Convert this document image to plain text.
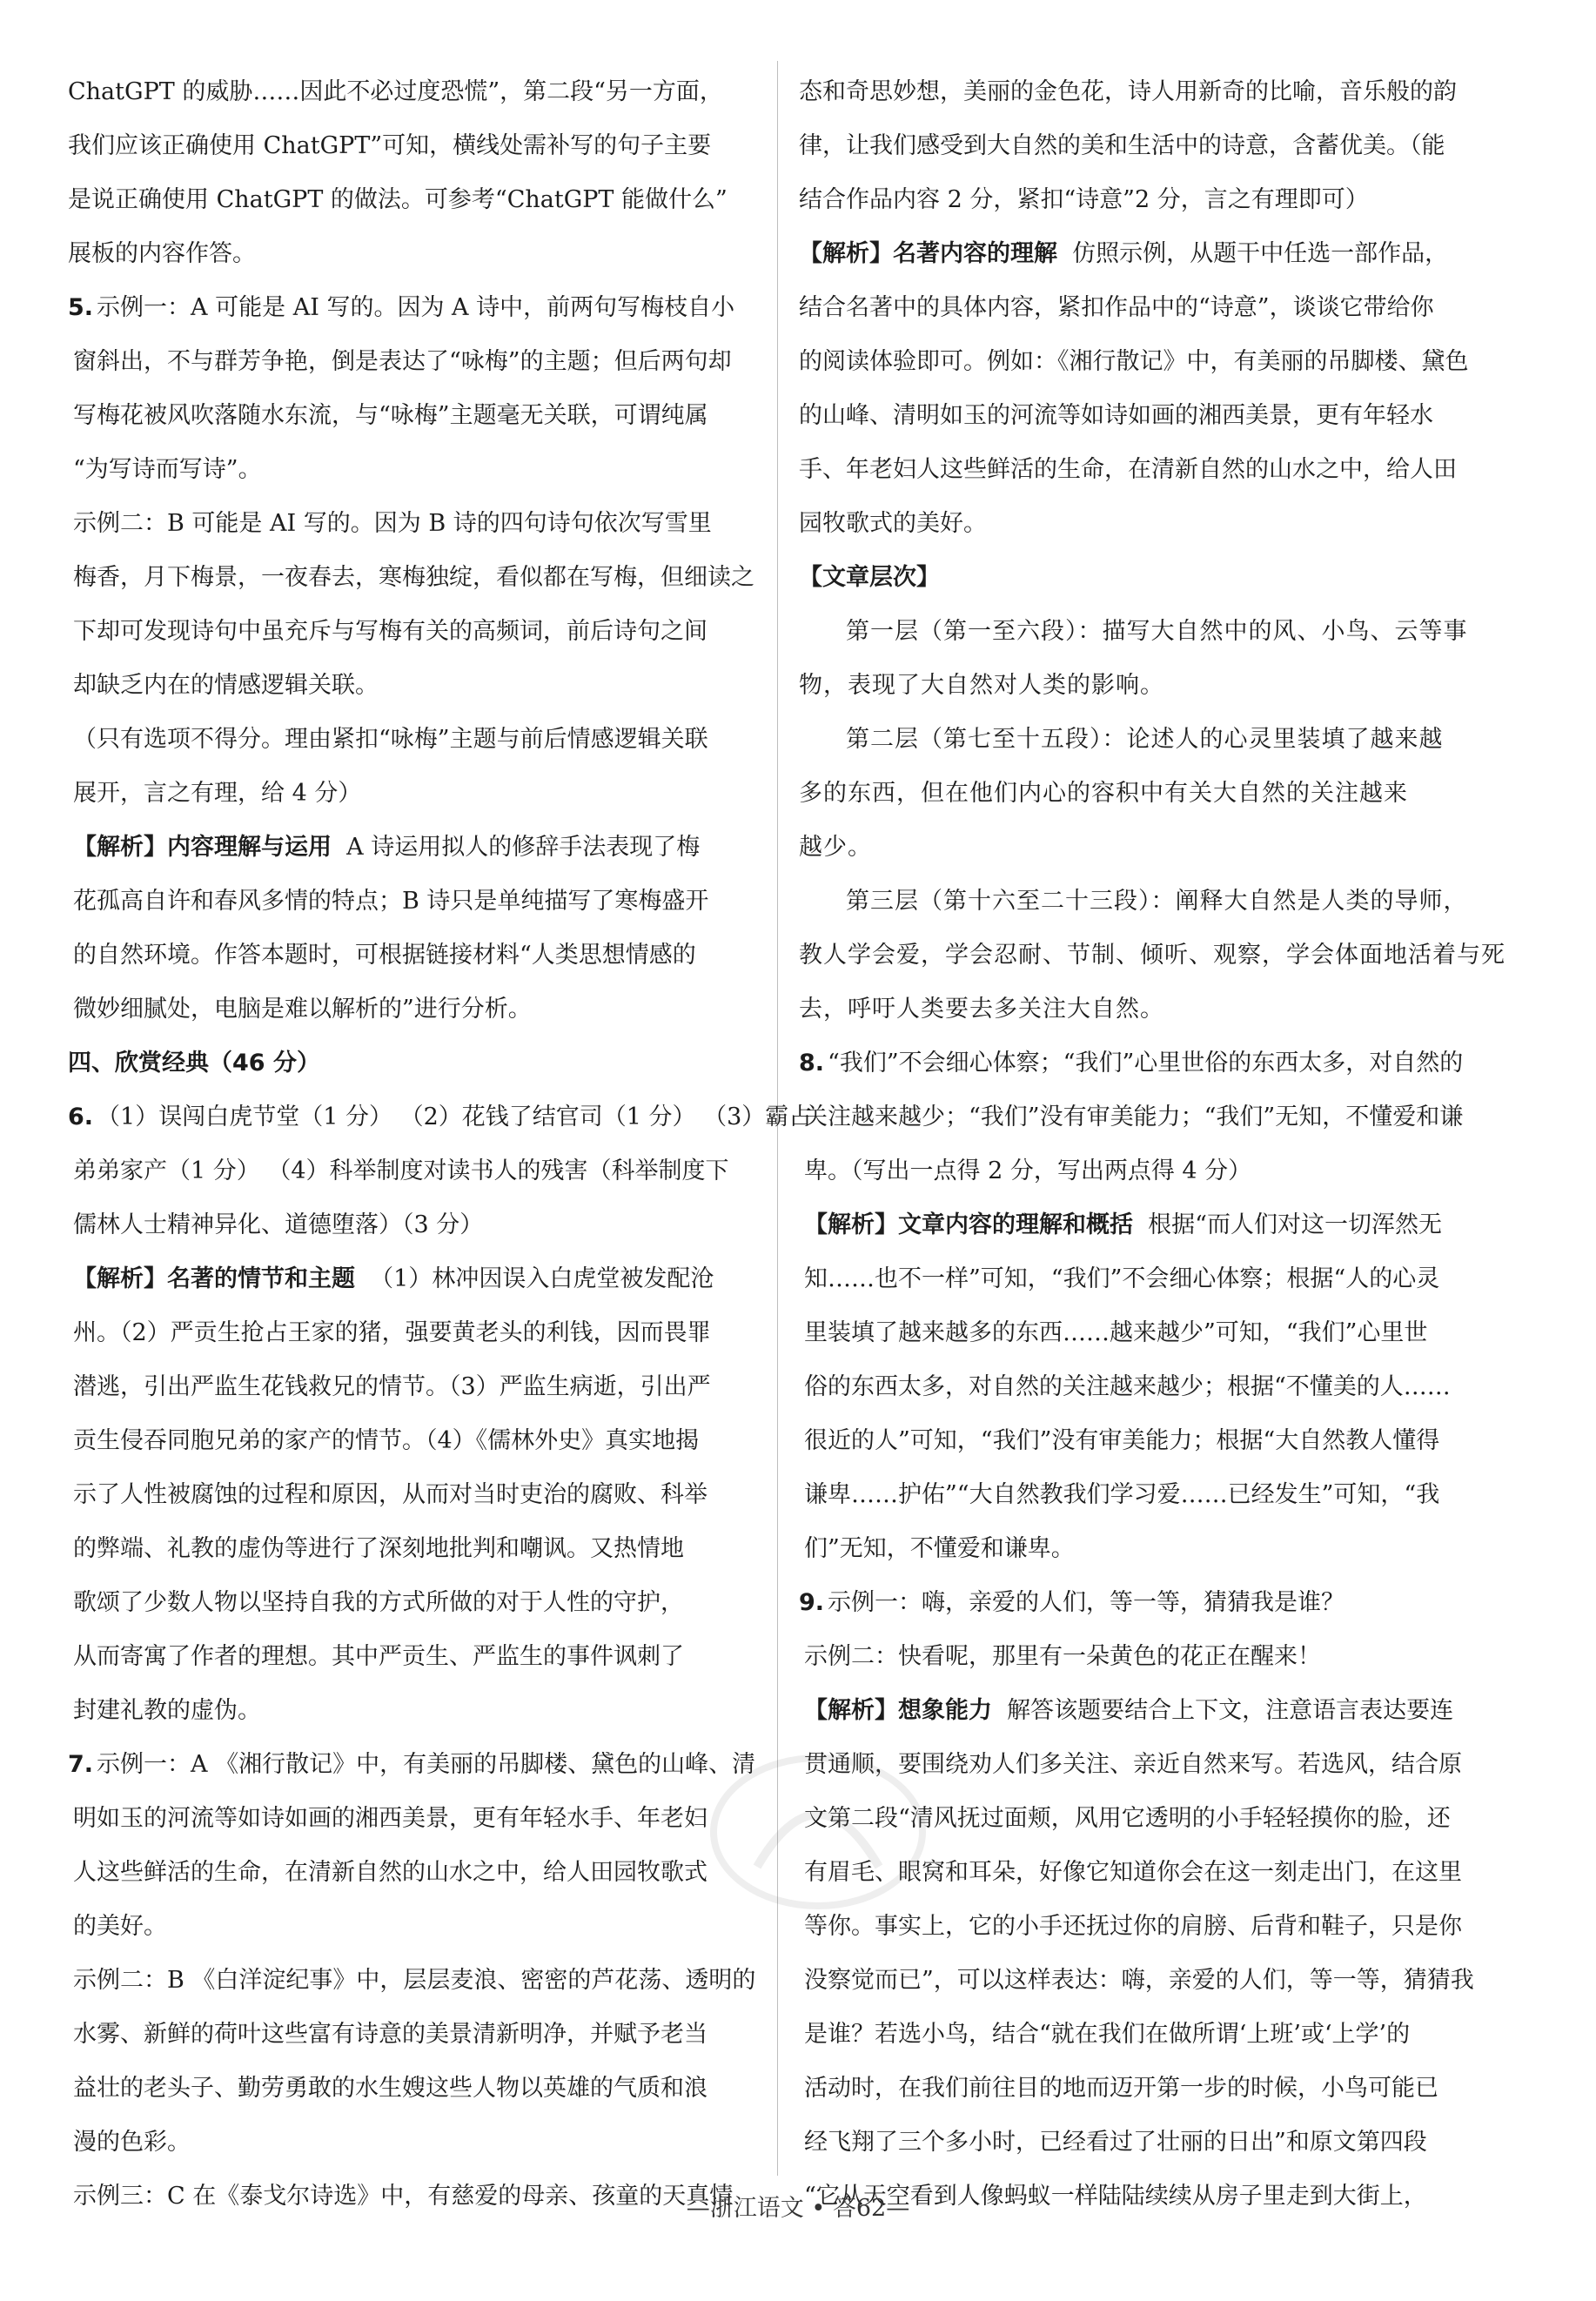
ChatGPT 的威胁……因此不必过度恐慌”，第二段“另一方面，
我们应该正确使用 ChatGPT”可知，横线处需补写的句子主要
是说正确使用 ChatGPT 的做法。可参考“ChatGPT 能做什么”
展板的内容作答。
5. 示例一：A 可能是 AI 写的。因为 A 诗中，前两句写梅枝自小
窗斜出，不与群芳争艳，倒是表达了“咏梅”的主题；但后两句却
写梅花被风吹落随水东流，与“咏梅”主题毫无关联，可谓纯属
“为写诗而写诗”。
示例二：B 可能是 AI 写的。因为 B 诗的四句诗句依次写雪里
梅香，月下梅景，一夜春去，寒梅独绽，看似都在写梅，但细读之
下却可发现诗句中虽充斥与写梅有关的高频词，前后诗句之间
却缺乏内在的情感逻辑关联。
（只有选项不得分。理由紧扣“咏梅”主题与前后情感逻辑关联
展开，言之有理，给 4 分）
【解析】内容理解与运用 A 诗运用拟人的修辞手法表现了梅
花孤高自许和春风多情的特点；B 诗只是单纯描写了寒梅盛开
的自然环境。作答本题时，可根据链接材料“人类思想情感的
微妙细腻处，电脑是难以解析的”进行分析。
四、欣赏经典（46 分）
6. （1）误闯白虎节堂（1 分） （2）花钱了结官司（1 分） （3）霸占
弟弟家产（1 分） （4）科举制度对读书人的残害（科举制度下
儒林人士精神异化、道德堕落）（3 分）
【解析】名著的情节和主题 （1）林冲因误入白虎堂被发配沧
州。（2）严贡生抢占王家的猪，强要黄老头的利钱，因而畏罪
潜逃，引出严监生花钱救兄的情节。（3）严监生病逝，引出严
贡生侵吞同胞兄弟的家产的情节。（4）《儒林外史》真实地揭
示了人性被腐蚀的过程和原因，从而对当时吏治的腐败、科举
的弊端、礼教的虚伪等进行了深刻地批判和嘲讽。又热情地
歌颂了少数人物以坚持自我的方式所做的对于人性的守护，
从而寄寓了作者的理想。其中严贡生、严监生的事件讽刺了
封建礼教的虚伪。
7. 示例一：A 《湘行散记》中，有美丽的吊脚楼、黛色的山峰、清
明如玉的河流等如诗如画的湘西美景，更有年轻水手、年老妇
人这些鲜活的生命，在清新自然的山水之中，给人田园牧歌式
的美好。
示例二：B 《白洋淀纪事》中，层层麦浪、密密的芦花荡、透明的
水雾、新鲜的荷叶这些富有诗意的美景清新明净，并赋予老当
益壮的老头子、勤劳勇敢的水生嫂这些人物以英雄的气质和浪
漫的色彩。
示例三：C 在《泰戈尔诗选》中，有慈爱的母亲、孩童的天真情
态和奇思妙想，美丽的金色花，诗人用新奇的比喻，音乐般的韵
律，让我们感受到大自然的美和生活中的诗意，含蓄优美。（能
结合作品内容 2 分，紧扣“诗意”2 分，言之有理即可）
【解析】名著内容的理解 仿照示例，从题干中任选一部作品，
结合名著中的具体内容，紧扣作品中的“诗意”，谈谈它带给你
的阅读体验即可。例如：《湘行散记》中，有美丽的吊脚楼、黛色
的山峰、清明如玉的河流等如诗如画的湘西美景，更有年轻水
手、年老妇人这些鲜活的生命，在清新自然的山水之中，给人田
园牧歌式的美好。
【文章层次】
第一层（第一至六段）：描写大自然中的风、小鸟、云等事
物，表现了大自然对人类的影响。
第二层（第七至十五段）：论述人的心灵里装填了越来越
多的东西，但在他们内心的容积中有关大自然的关注越来
越少。
第三层（第十六至二十三段）：阐释大自然是人类的导师，
教人学会爱，学会忍耐、节制、倾听、观察，学会体面地活着与死
去，呼吁人类要去多关注大自然。
8. “我们”不会细心体察；“我们”心里世俗的东西太多，对自然的
关注越来越少；“我们”没有审美能力；“我们”无知，不懂爱和谦
卑。（写出一点得 2 分，写出两点得 4 分）
【解析】文章内容的理解和概括 根据“而人们对这一切浑然无
知……也不一样”可知，“我们”不会细心体察；根据“人的心灵
里装填了越来越多的东西……越来越少”可知，“我们”心里世
俗的东西太多，对自然的关注越来越少；根据“不懂美的人……
很近的人”可知，“我们”没有审美能力；根据“大自然教人懂得
谦卑……护佑”“大自然教我们学习爱……已经发生”可知，“我
们”无知，不懂爱和谦卑。
9. 示例一：嗨，亲爱的人们，等一等，猜猜我是谁？
示例二：快看呢，那里有一朵黄色的花正在醒来！
【解析】想象能力 解答该题要结合上下文，注意语言表达要连
贯通顺，要围绕劝人们多关注、亲近自然来写。若选风，结合原
文第二段“清风抚过面颊，风用它透明的小手轻轻摸你的脸，还
有眉毛、眼窝和耳朵，好像它知道你会在这一刻走出门，在这里
等你。事实上，它的小手还抚过你的肩膀、后背和鞋子，只是你
没察觉而已”，可以这样表达：嗨，亲爱的人们，等一等，猜猜我
是谁？若选小鸟，结合“就在我们在做所谓‘上班’或‘上学’的
活动时，在我们前往目的地而迈开第一步的时候，小鸟可能已
经飞翔了三个多小时，已经看过了壮丽的日出”和原文第四段
“它从天空看到人像蚂蚁一样陆陆续续从房子里走到大街上，
—浙江语文 • 答62—
